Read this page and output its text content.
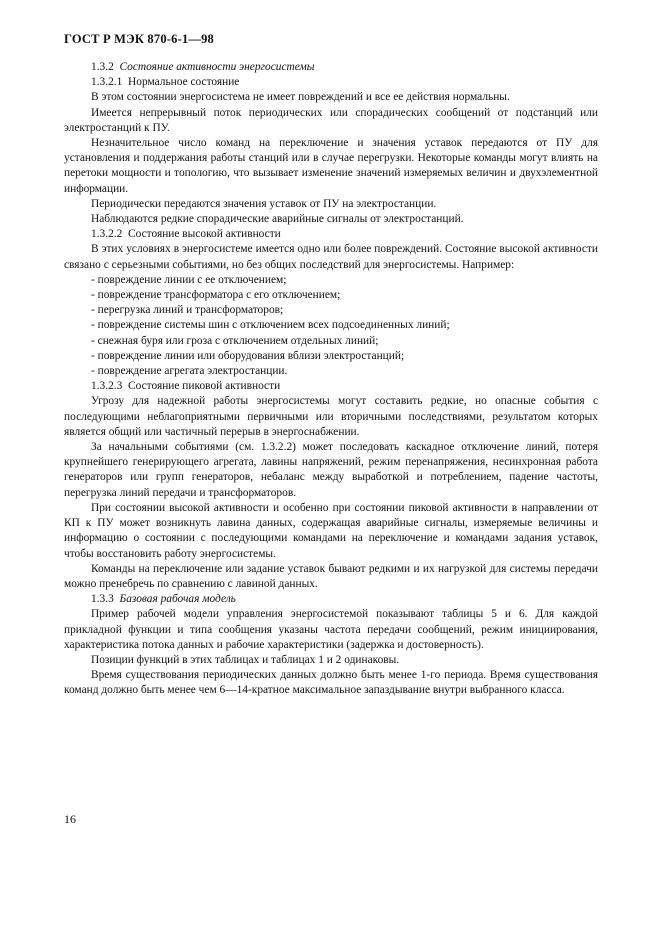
ГОСТ Р МЭК 870-6-1—98

1.3.2 Состояние активности энергосистемы

1.3.2.1 Нормальное состояние

В этом состоянии энергосистема не имеет повреждений и все ее действия нормальны.

Имеется непрерывный поток периодических или спорадических сообщений от подстанций или электростанций к ПУ.

Незначительное число команд на переключение и значения уставок передаются от ПУ для установления и поддержания работы станций или в случае перегрузки. Некоторые команды могут влиять на перетоки мощности и топологию, что вызывает изменение значений измеряемых величин и двухэлементной информации.

Периодически передаются значения уставок от ПУ на электростанции.

Наблюдаются редкие спорадические аварийные сигналы от электростанций.

1.3.2.2 Состояние высокой активности

В этих условиях в энергосистеме имеется одно или более повреждений. Состояние высокой активности связано с серьезными событиями, но без общих последствий для энергосистемы. Например:

- повреждение линии с ее отключением;
- повреждение трансформатора с его отключением;
- перегрузка линий и трансформаторов;
- повреждение системы шин с отключением всех подсоединенных линий;
- снежная буря или гроза с отключением отдельных линий;
- повреждение линии или оборудования вблизи электростанций;
- повреждение агрегата электростанции.

1.3.2.3 Состояние пиковой активности

Угрозу для надежной работы энергосистемы могут составить редкие, но опасные события с последующими неблагоприятными первичными или вторичными последствиями, результатом которых является общий или частичный перерыв в энергоснабжении.

За начальными событиями (см. 1.3.2.2) может последовать каскадное отключение линий, потеря крупнейшего генерирующего агрегата, лавины напряжений, режим перенапряжения, несинхронная работа генераторов или групп генераторов, небаланс между выработкой и потреблением, падение частоты, перегрузка линий передачи и трансформаторов.

При состоянии высокой активности и особенно при состоянии пиковой активности в направлении от КП к ПУ может возникнуть лавина данных, содержащая аварийные сигналы, измеряемые величины и информацию о состоянии с последующими командами на переключение и командами задания уставок, чтобы восстановить работу энергосистемы.

Команды на переключение или задание уставок бывают редкими и их нагрузкой для системы передачи можно пренебречь по сравнению с лавиной данных.

1.3.3 Базовая рабочая модель

Пример рабочей модели управления энергосистемой показывают таблицы 5 и 6. Для каждой прикладной функции и типа сообщения указаны частота передачи сообщений, режим инициирования, характеристика потока данных и рабочие характеристики (задержка и достоверность).

Позиции функций в этих таблицах и таблицах 1 и 2 одинаковы.

Время существования периодических данных должно быть менее 1-го периода. Время существования команд должно быть менее чем 6—14-кратное максимальное запаздывание внутри выбранного класса.

16
